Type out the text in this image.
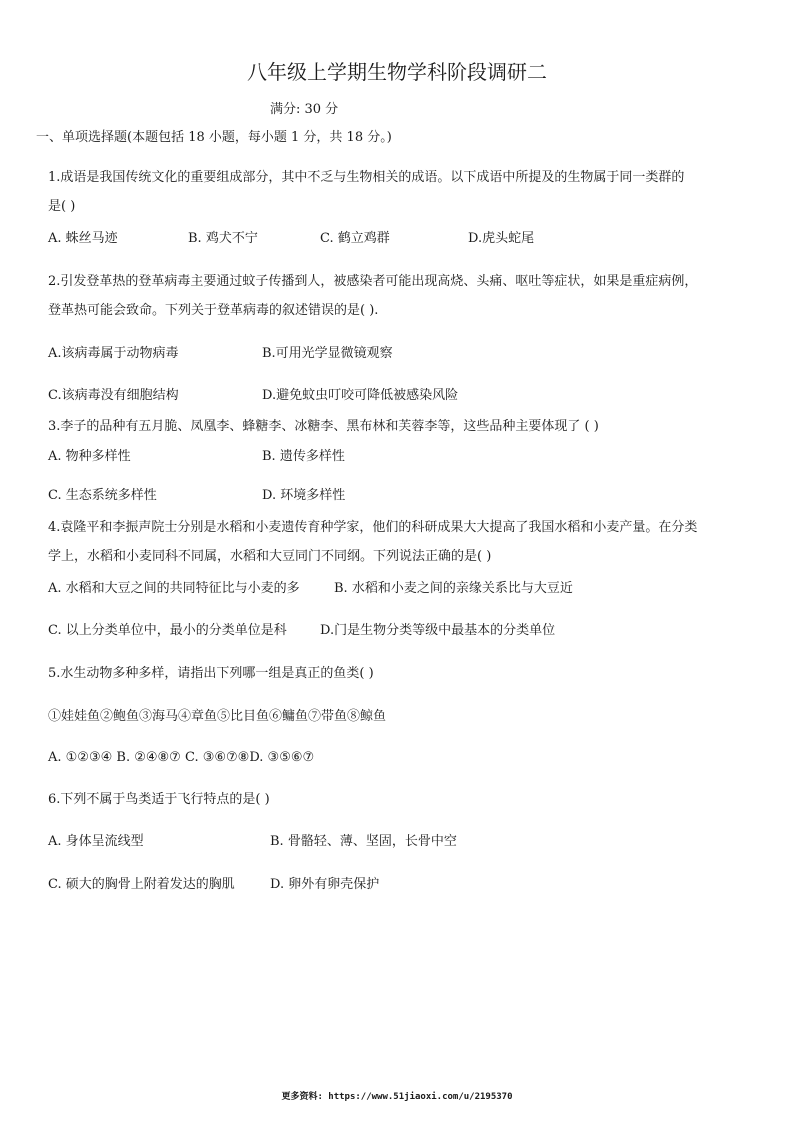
八年级上学期生物学科阶段调研二
满分: 30 分
一、单项选择题(本题包括 18 小题，每小题 1 分，共 18 分。)
1.成语是我国传统文化的重要组成部分，其中不乏与生物相关的成语。以下成语中所提及的生物属于同一类群的
是( )
A. 蛛丝马迹	B. 鸡犬不宁	C. 鹤立鸡群	D.虎头蛇尾
2.引发登革热的登革病毒主要通过蚊子传播到人，被感染者可能出现高烧、头痛、呕吐等症状，如果是重症病例，
登革热可能会致命。下列关于登革病毒的叙述错误的是( ).
A.该病毒属于动物病毒	B.可用光学显微镜观察
C.该病毒没有细胞结构	D.避免蚊虫叮咬可降低被感染风险
3.李子的品种有五月脆、凤凰李、蜂糖李、冰糖李、黑布林和芙蓉李等，这些品种主要体现了 ( )
A. 物种多样性	B. 遗传多样性
C. 生态系统多样性	D. 环境多样性
4.袁隆平和李振声院士分别是水稻和小麦遗传育种学家，他们的科研成果大大提高了我国水稻和小麦产量。在分类
学上，水稻和小麦同科不同属，水稻和大豆同门不同纲。下列说法正确的是( )
A. 水稻和大豆之间的共同特征比与小麦的多	B. 水稻和小麦之间的亲缘关系比与大豆近
C. 以上分类单位中，最小的分类单位是科	D.门是生物分类等级中最基本的分类单位
5.水生动物多种多样，请指出下列哪一组是真正的鱼类( )
①娃娃鱼②鲍鱼③海马④章鱼⑤比目鱼⑥鳙鱼⑦带鱼⑧鲸鱼
A. ①②③④ B. ②④⑧⑦ C. ③⑥⑦⑧D. ③⑤⑥⑦
6.下列不属于鸟类适于飞行特点的是( )
A. 身体呈流线型	B. 骨骼轻、薄、坚固，长骨中空
C. 硕大的胸骨上附着发达的胸肌	D. 卵外有卵壳保护
更多资料: https://www.51jiaoxi.com/u/2195370
